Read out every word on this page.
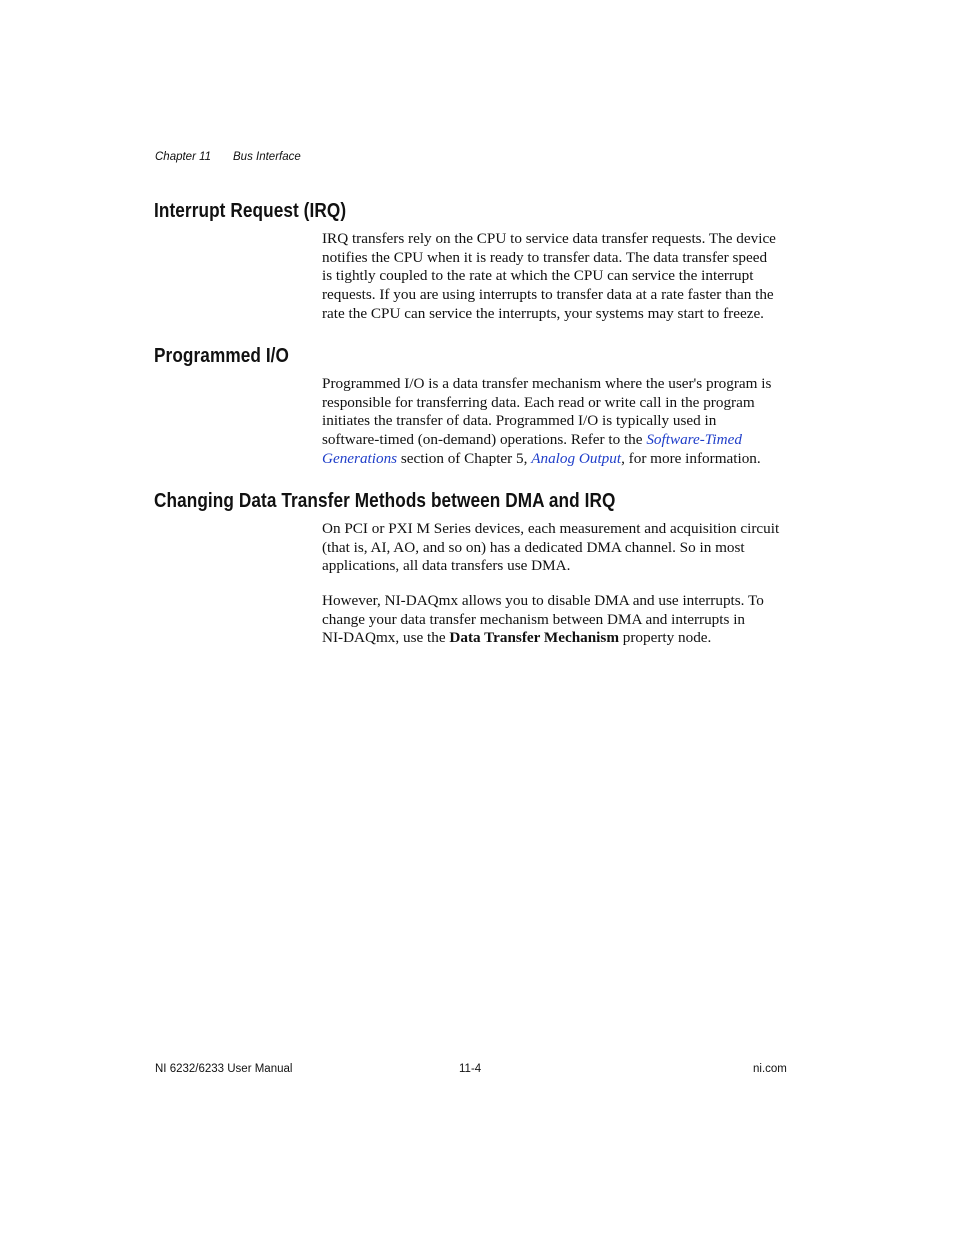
Chapter 11 Bus Interface
Interrupt Request (IRQ)

IRQ transfers rely on the CPU to service data transfer requests. The device
notifies the CPU when it is ready to transfer data. The data transfer speed
is tightly coupled to the rate at which the CPU can service the interrupt
requests. If you are using interrupts to transfer data at a rate faster than the
rate the CPU can service the interrupts, your systems may start to freeze.

Programmed I/O

Programmed I/O is a data transfer mechanism where the user's program is
responsible for transferring data. Each read or write call in the program
initiates the transfer of data. Programmed I/O is typically used in
software-timed (on-demand) operations. Refer to the Software-Timed
Generations section of Chapter 5, Analog Output, for more information.

Changing Data Transfer Methods between DMA and IRQ

On PCI or PXI M Series devices, each measurement and acquisition circuit
(that is, AI, AO, and so on) has a dedicated DMA channel. So in most
applications, all data transfers use DMA.

However, NI-DAQmx allows you to disable DMA and use interrupts. To
change your data transfer mechanism between DMA and interrupts in
NI-DAQmx, use the Data Transfer Mechanism property node.

NI 6232/6233 User Manual	11-4	ni.com
